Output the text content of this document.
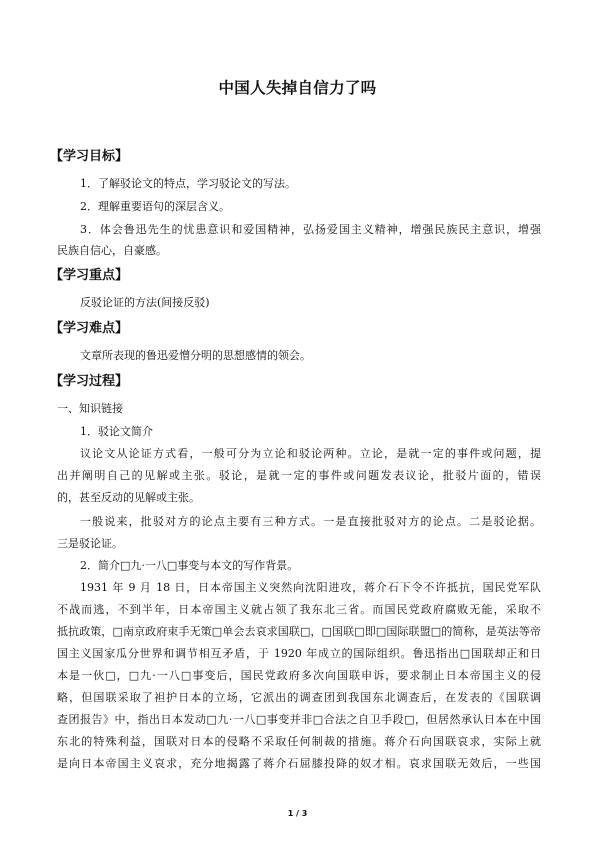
中国人失掉自信力了吗
【学习目标】
1．了解驳论文的特点，学习驳论文的写法。
2．理解重要语句的深层含义。
3．体会鲁迅先生的忧患意识和爱国精神，弘扬爱国主义精神，增强民族民主意识，增强
民族自信心，自豪感。
【学习重点】
反驳论证的方法(间接反驳)
【学习难点】
文章所表现的鲁迅爱憎分明的思想感情的领会。
【学习过程】
一、知识链接
1．驳论文简介
议论文从论证方式看，一般可分为立论和驳论两种。立论，是就一定的事件或问题，提
出并阐明自己的见解或主张。驳论，是就一定的事件或问题发表议论，批驳片面的，错误
的，甚至反动的见解或主张。
一般说来，批驳对方的论点主要有三种方式。一是直接批驳对方的论点。二是驳论据。
三是驳论证。
2．简介□九·一八□事变与本文的写作背景。
1931 年 9 月 18 日，日本帝国主义突然向沈阳进攻，蒋介石下令不许抵抗，国民党军队
不战而逃，不到半年，日本帝国主义就占领了我东北三省。而国民党政府腐败无能，采取不
抵抗政策，□南京政府束手无策□单会去哀求国联□，□国联□即□国际联盟□的简称，是英法等帝
国主义国家瓜分世界和调节相互矛盾，于 1920 年成立的国际组织。鲁迅指出□国联却正和日
本是一伙□，□九·一八□事变后，国民党政府多次向国联申诉，要求制止日本帝国主义的侵
略，但国联采取了袒护日本的立场，它派出的调查团到我国东北调查后，在发表的《国联调
查团报告》中，指出日本发动□九·一八□事变并非□合法之自卫手段□，但居然承认日本在中国
东北的特殊利益，国联对日本的侵略不采取任何制裁的措施。蒋介石向国联哀求，实际上就
是向日本帝国主义哀求，充分地揭露了蒋介石屈膝投降的奴才相。哀求国联无效后，一些国
1 / 3
